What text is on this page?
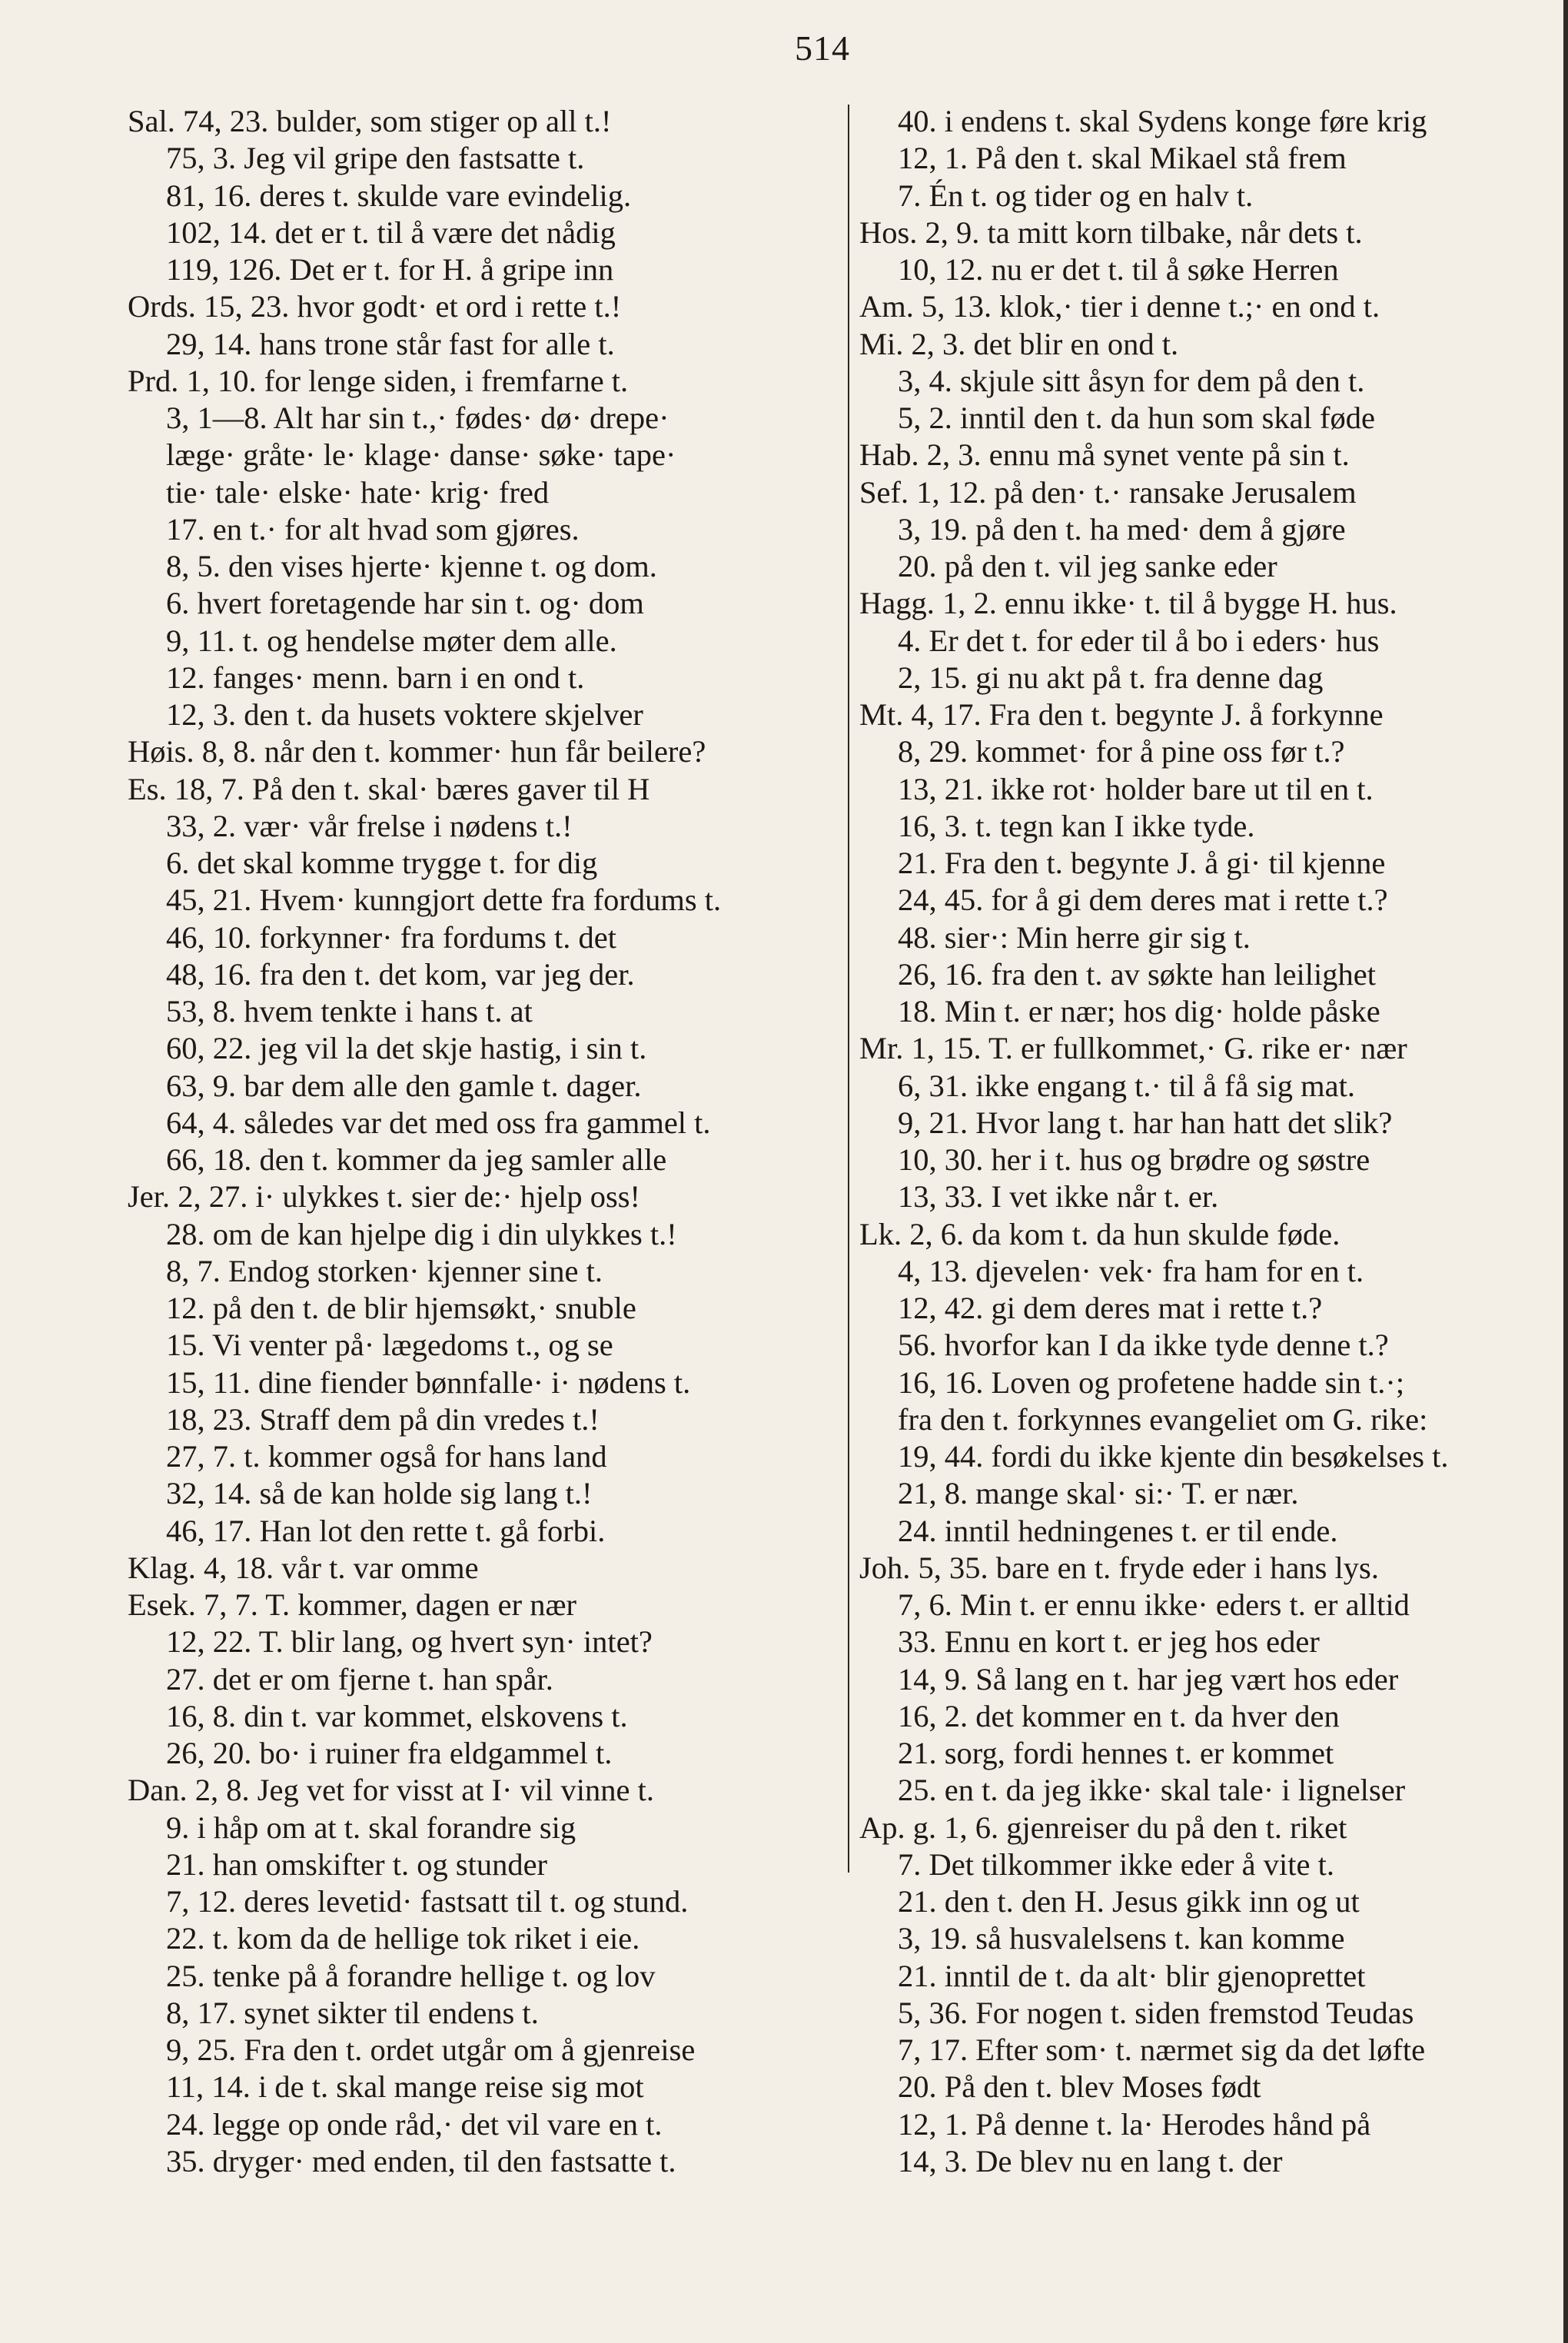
514
Sal. 74, 23. bulder, som stiger op all t.!
75, 3. Jeg vil gripe den fastsatte t.
81, 16. deres t. skulde vare evindelig.
102, 14. det er t. til å være det nådig
119, 126. Det er t. for H. å gripe inn
Ords. 15, 23. hvor godt· et ord i rette t.!
29, 14. hans trone står fast for alle t.
Prd. 1, 10. for lenge siden, i fremfarne t.
3, 1—8. Alt har sin t.,· fødes· dø· drepe·
læge· gråte· le· klage· danse· søke· tape·
tie· tale· elske· hate· krig· fred
17. en t.· for alt hvad som gjøres.
8, 5. den vises hjerte· kjenne t. og dom.
6. hvert foretagende har sin t. og· dom
9, 11. t. og hendelse møter dem alle.
12. fanges· menn. barn i en ond t.
12, 3. den t. da husets voktere skjelver
Høis. 8, 8. når den t. kommer· hun får beilere?
Es. 18, 7. På den t. skal· bæres gaver til H
33, 2. vær· vår frelse i nødens t.!
6. det skal komme trygge t. for dig
45, 21. Hvem· kunngjort dette fra fordums t.
46, 10. forkynner· fra fordums t. det
48, 16. fra den t. det kom, var jeg der.
53, 8. hvem tenkte i hans t. at
60, 22. jeg vil la det skje hastig, i sin t.
63, 9. bar dem alle den gamle t. dager.
64, 4. således var det med oss fra gammel t.
66, 18. den t. kommer da jeg samler alle
Jer. 2, 27. i· ulykkes t. sier de:· hjelp oss!
28. om de kan hjelpe dig i din ulykkes t.!
8, 7. Endog storken· kjenner sine t.
12. på den t. de blir hjemsøkt,· snuble
15. Vi venter på· lægedoms t., og se
15, 11. dine fiender bønnfalle· i· nødens t.
18, 23. Straff dem på din vredes t.!
27, 7. t. kommer også for hans land
32, 14. så de kan holde sig lang t.!
46, 17. Han lot den rette t. gå forbi.
Klag. 4, 18. vår t. var omme
Esek. 7, 7. T. kommer, dagen er nær
12, 22. T. blir lang, og hvert syn· intet?
27. det er om fjerne t. han spår.
16, 8. din t. var kommet, elskovens t.
26, 20. bo· i ruiner fra eldgammel t.
Dan. 2, 8. Jeg vet for visst at I· vil vinne t.
9. i håp om at t. skal forandre sig
21. han omskifter t. og stunder
7, 12. deres levetid· fastsatt til t. og stund.
22. t. kom da de hellige tok riket i eie.
25. tenke på å forandre hellige t. og lov
8, 17. synet sikter til endens t.
9, 25. Fra den t. ordet utgår om å gjenreise
11, 14. i de t. skal mange reise sig mot
24. legge op onde råd,· det vil vare en t.
35. dryger· med enden, til den fastsatte t.
40. i endens t. skal Sydens konge føre krig
12, 1. På den t. skal Mikael stå frem
7. Én t. og tider og en halv t.
Hos. 2, 9. ta mitt korn tilbake, når dets t.
10, 12. nu er det t. til å søke Herren
Am. 5, 13. klok,· tier i denne t.;· en ond t.
Mi. 2, 3. det blir en ond t.
3, 4. skjule sitt åsyn for dem på den t.
5, 2. inntil den t. da hun som skal føde
Hab. 2, 3. ennu må synet vente på sin t.
Sef. 1, 12. på den· t.· ransake Jerusalem
3, 19. på den t. ha med· dem å gjøre
20. på den t. vil jeg sanke eder
Hagg. 1, 2. ennu ikke· t. til å bygge H. hus.
4. Er det t. for eder til å bo i eders· hus
2, 15. gi nu akt på t. fra denne dag
Mt. 4, 17. Fra den t. begynte J. å forkynne
8, 29. kommet· for å pine oss før t.?
13, 21. ikke rot· holder bare ut til en t.
16, 3. t. tegn kan I ikke tyde.
21. Fra den t. begynte J. å gi· til kjenne
24, 45. for å gi dem deres mat i rette t.?
48. sier·: Min herre gir sig t.
26, 16. fra den t. av søkte han leilighet
18. Min t. er nær; hos dig· holde påske
Mr. 1, 15. T. er fullkommet,· G. rike er· nær
6, 31. ikke engang t.· til å få sig mat.
9, 21. Hvor lang t. har han hatt det slik?
10, 30. her i t. hus og brødre og søstre
13, 33. I vet ikke når t. er.
Lk. 2, 6. da kom t. da hun skulde føde.
4, 13. djevelen· vek· fra ham for en t.
12, 42. gi dem deres mat i rette t.?
56. hvorfor kan I da ikke tyde denne t.?
16, 16. Loven og profetene hadde sin t.·;
fra den t. forkynnes evangeliet om G. rike:
19, 44. fordi du ikke kjente din besøkelses t.
21, 8. mange skal· si:· T. er nær.
24. inntil hedningenes t. er til ende.
Joh. 5, 35. bare en t. fryde eder i hans lys.
7, 6. Min t. er ennu ikke· eders t. er alltid
33. Ennu en kort t. er jeg hos eder
14, 9. Så lang en t. har jeg vært hos eder
16, 2. det kommer en t. da hver den
21. sorg, fordi hennes t. er kommet
25. en t. da jeg ikke· skal tale· i lignelser
Ap. g. 1, 6. gjenreiser du på den t. riket
7. Det tilkommer ikke eder å vite t.
21. den t. den H. Jesus gikk inn og ut
3, 19. så husvalelsens t. kan komme
21. inntil de t. da alt· blir gjenoprettet
5, 36. For nogen t. siden fremstod Teudas
7, 17. Efter som· t. nærmet sig da det løfte
20. På den t. blev Moses født
12, 1. På denne t. la· Herodes hånd på
14, 3. De blev nu en lang t. der
